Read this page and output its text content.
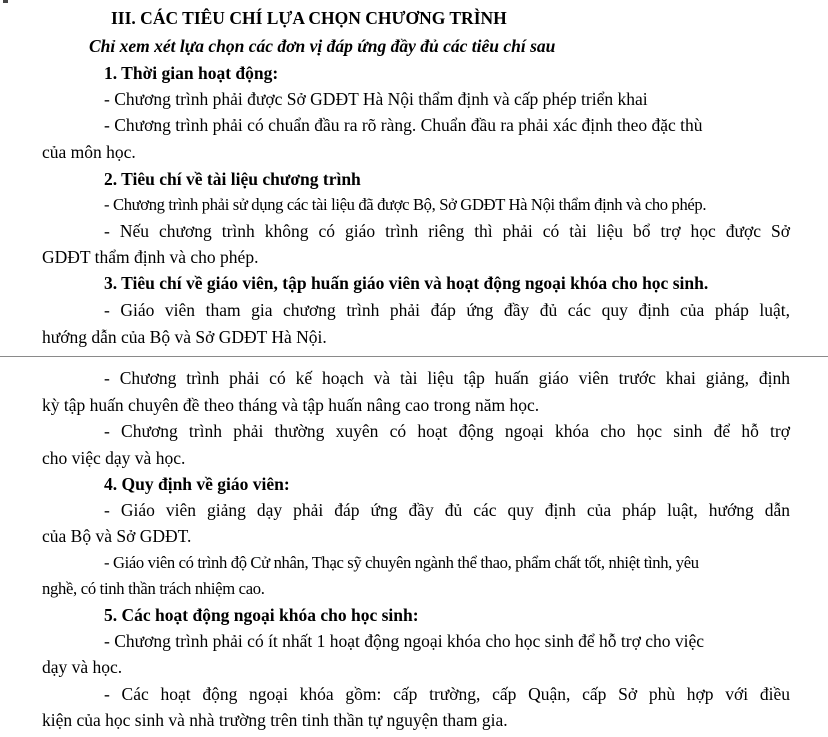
III. CÁC TIÊU CHÍ LỰA CHỌN CHƯƠNG TRÌNH

Chỉ xem xét lựa chọn các đơn vị đáp ứng đầy đủ các tiêu chí sau

1. Thời gian hoạt động:

- Chương trình phải được Sở GDĐT Hà Nội thẩm định và cấp phép triển khai

- Chương trình phải có chuẩn đầu ra rõ ràng. Chuẩn đầu ra phải xác định theo đặc thù

của môn học.

2. Tiêu chí về tài liệu chương trình

- Chương trình phải sử dụng các tài liệu đã được Bộ, Sở GDĐT Hà Nội thẩm định và cho phép.

- Nếu chương trình không có giáo trình riêng thì phải có tài liệu bổ trợ học được Sở

GDĐT thẩm định và cho phép.

3. Tiêu chí về giáo viên, tập huấn giáo viên và hoạt động ngoại khóa cho học sinh.

- Giáo viên tham gia chương trình phải đáp ứng đầy đủ các quy định của pháp luật,

hướng dẫn của Bộ và Sở GDĐT Hà Nội.

- Chương trình phải có kế hoạch và tài liệu tập huấn giáo viên trước khai giảng, định

kỳ tập huấn chuyên đề theo tháng và tập huấn nâng cao trong năm học.

- Chương trình phải thường xuyên có hoạt động ngoại khóa cho học sinh để hỗ trợ

cho việc dạy và học.

4. Quy định về giáo viên:

- Giáo viên giảng dạy phải đáp ứng đầy đủ các quy định của pháp luật, hướng dẫn

của Bộ và Sở GDĐT.

- Giáo viên có trình độ Cử nhân, Thạc sỹ chuyên ngành thể thao, phẩm chất tốt, nhiệt tình, yêu

nghề, có tinh thần trách nhiệm cao.

5. Các hoạt động ngoại khóa cho học sinh:

- Chương trình phải có ít nhất 1 hoạt động ngoại khóa cho học sinh để hỗ trợ cho việc

dạy và học.

- Các hoạt động ngoại khóa gồm: cấp trường, cấp Quận, cấp Sở phù hợp với điều

kiện của học sinh và nhà trường trên tinh thần tự nguyện tham gia.
